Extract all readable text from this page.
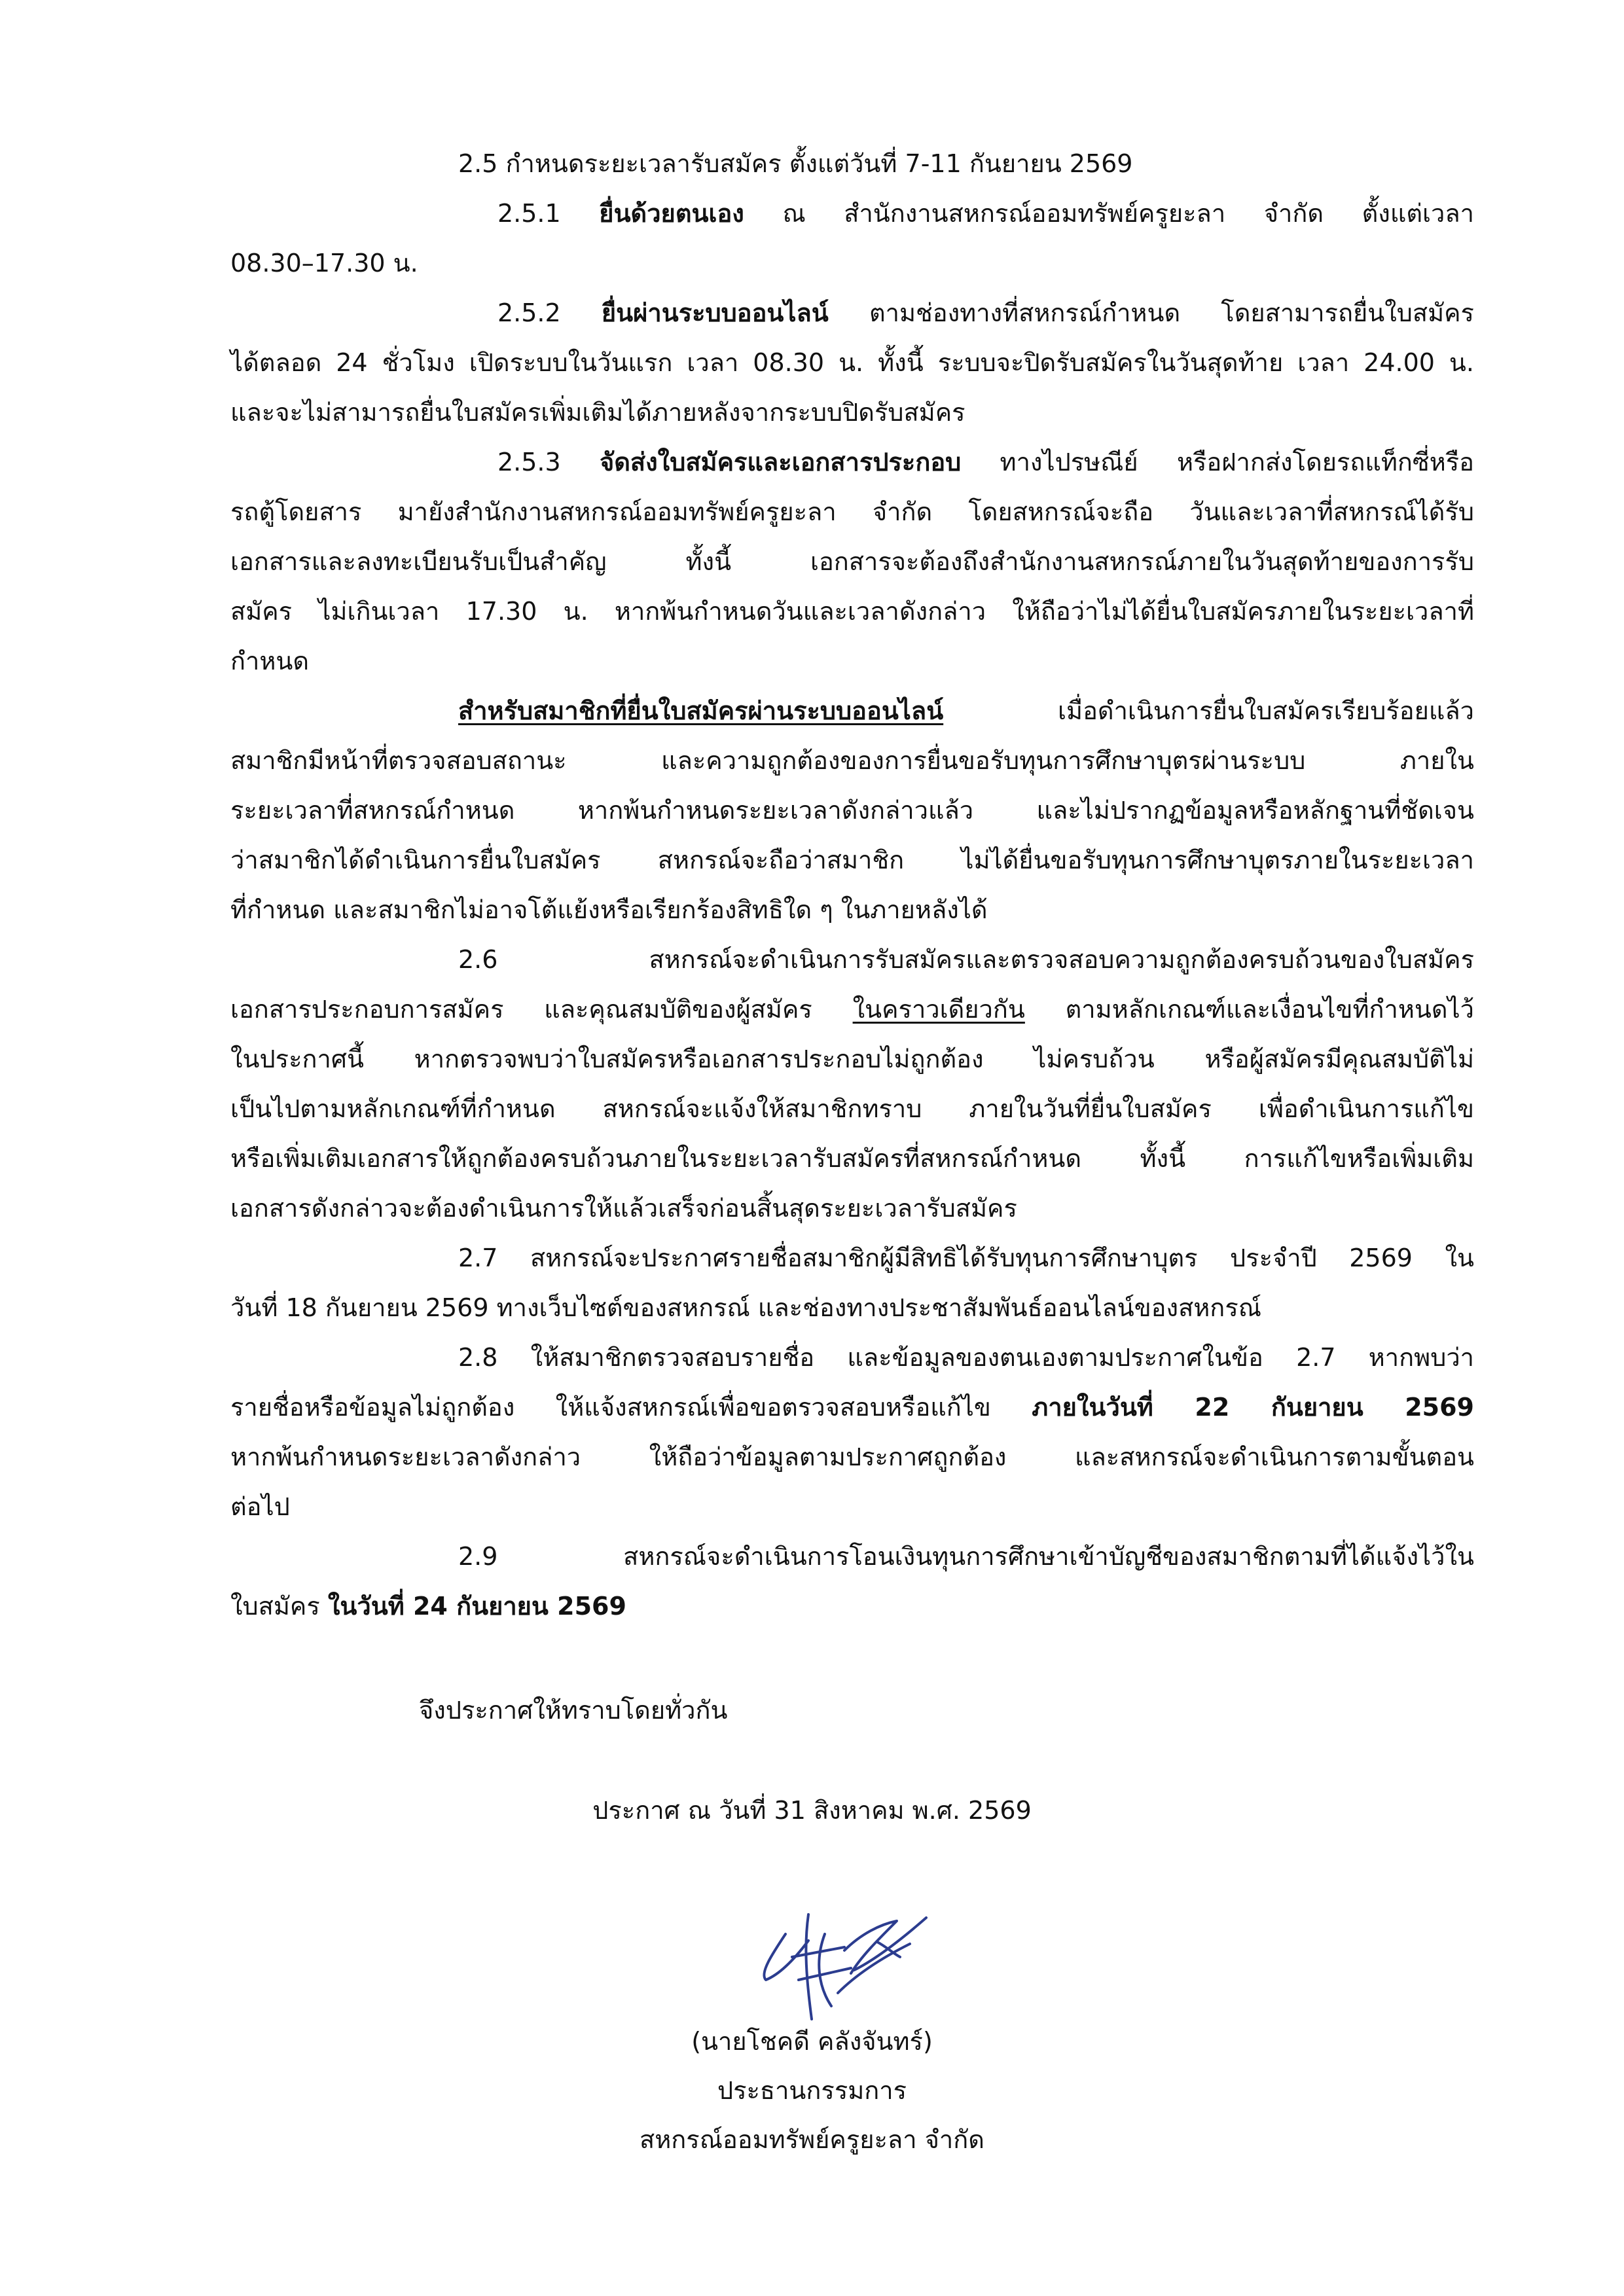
2.5 กำหนดระยะเวลารับสมัคร ตั้งแต่วันที่ 7-11 กันยายน 2569
2.5.1 ยื่นด้วยตนเอง ณ สำนักงานสหกรณ์ออมทรัพย์ครูยะลา จำกัด ตั้งแต่เวลา
08.30–17.30 น.
2.5.2 ยื่นผ่านระบบออนไลน์ ตามช่องทางที่สหกรณ์กำหนด โดยสามารถยื่นใบสมัคร
ได้ตลอด 24 ชั่วโมง เปิดระบบในวันแรก เวลา 08.30 น. ทั้งนี้ ระบบจะปิดรับสมัครในวันสุดท้าย เวลา 24.00 น.
และจะไม่สามารถยื่นใบสมัครเพิ่มเติมได้ภายหลังจากระบบปิดรับสมัคร
2.5.3 จัดส่งใบสมัครและเอกสารประกอบ ทางไปรษณีย์ หรือฝากส่งโดยรถแท็กซี่หรือ
รถตู้โดยสาร มายังสำนักงานสหกรณ์ออมทรัพย์ครูยะลา จำกัด โดยสหกรณ์จะถือ วันและเวลาที่สหกรณ์ได้รับ
เอกสารและลงทะเบียนรับเป็นสำคัญ ทั้งนี้ เอกสารจะต้องถึงสำนักงานสหกรณ์ภายในวันสุดท้ายของการรับ
สมัคร ไม่เกินเวลา 17.30 น. หากพ้นกำหนดวันและเวลาดังกล่าว ให้ถือว่าไม่ได้ยื่นใบสมัครภายในระยะเวลาที่
กำหนด
สำหรับสมาชิกที่ยื่นใบสมัครผ่านระบบออนไลน์	เมื่อดำเนินการยื่นใบสมัครเรียบร้อยแล้ว
สมาชิกมีหน้าที่ตรวจสอบสถานะ และความถูกต้องของการยื่นขอรับทุนการศึกษาบุตรผ่านระบบ ภายใน
ระยะเวลาที่สหกรณ์กำหนด หากพ้นกำหนดระยะเวลาดังกล่าวแล้ว และไม่ปรากฏข้อมูลหรือหลักฐานที่ชัดเจน
ว่าสมาชิกได้ดำเนินการยื่นใบสมัคร สหกรณ์จะถือว่าสมาชิก ไม่ได้ยื่นขอรับทุนการศึกษาบุตรภายในระยะเวลา
ที่กำหนด และสมาชิกไม่อาจโต้แย้งหรือเรียกร้องสิทธิใด ๆ ในภายหลังได้
2.6 สหกรณ์จะดำเนินการรับสมัครและตรวจสอบความถูกต้องครบถ้วนของใบสมัคร
เอกสารประกอบการสมัคร และคุณสมบัติของผู้สมัคร ในคราวเดียวกัน ตามหลักเกณฑ์และเงื่อนไขที่กำหนดไว้
ในประกาศนี้ หากตรวจพบว่าใบสมัครหรือเอกสารประกอบไม่ถูกต้อง ไม่ครบถ้วน หรือผู้สมัครมีคุณสมบัติไม่
เป็นไปตามหลักเกณฑ์ที่กำหนด สหกรณ์จะแจ้งให้สมาชิกทราบ ภายในวันที่ยื่นใบสมัคร เพื่อดำเนินการแก้ไข
หรือเพิ่มเติมเอกสารให้ถูกต้องครบถ้วนภายในระยะเวลารับสมัครที่สหกรณ์กำหนด ทั้งนี้ การแก้ไขหรือเพิ่มเติม
เอกสารดังกล่าวจะต้องดำเนินการให้แล้วเสร็จก่อนสิ้นสุดระยะเวลารับสมัคร
2.7 สหกรณ์จะประกาศรายชื่อสมาชิกผู้มีสิทธิได้รับทุนการศึกษาบุตร ประจำปี 2569 ใน
วันที่ 18 กันยายน 2569 ทางเว็บไซต์ของสหกรณ์ และช่องทางประชาสัมพันธ์ออนไลน์ของสหกรณ์
2.8 ให้สมาชิกตรวจสอบรายชื่อ และข้อมูลของตนเองตามประกาศในข้อ 2.7 หากพบว่า
รายชื่อหรือข้อมูลไม่ถูกต้อง ให้แจ้งสหกรณ์เพื่อขอตรวจสอบหรือแก้ไข ภายในวันที่ 22 กันยายน 2569
หากพ้นกำหนดระยะเวลาดังกล่าว ให้ถือว่าข้อมูลตามประกาศถูกต้อง และสหกรณ์จะดำเนินการตามขั้นตอน
ต่อไป
2.9 สหกรณ์จะดำเนินการโอนเงินทุนการศึกษาเข้าบัญชีของสมาชิกตามที่ได้แจ้งไว้ใน
ใบสมัคร ในวันที่ 24 กันยายน 2569
จึงประกาศให้ทราบโดยทั่วกัน
ประกาศ ณ วันที่ 31 สิงหาคม พ.ศ. 2569
(นายโชคดี คลังจันทร์)
ประธานกรรมการ
สหกรณ์ออมทรัพย์ครูยะลา จำกัด
